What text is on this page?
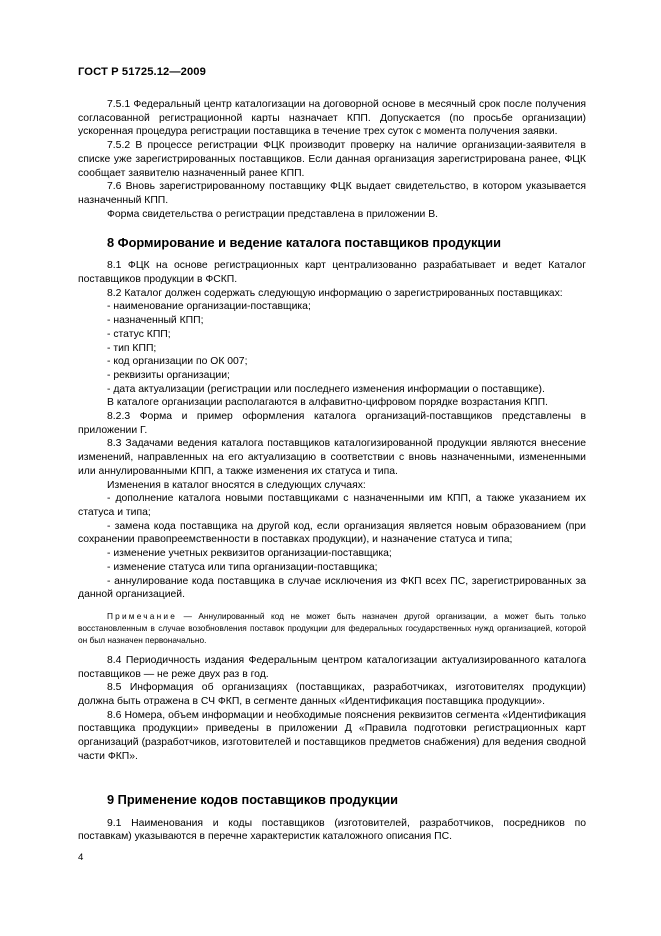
ГОСТ Р 51725.12—2009

7.5.1 Федеральный центр каталогизации на договорной основе в месячный срок после получения согласованной регистрационной карты назначает КПП. Допускается (по просьбе организации) ускоренная процедура регистрации поставщика в течение трех суток с момента получения заявки.

7.5.2 В процессе регистрации ФЦК производит проверку на наличие организации-заявителя в списке уже зарегистрированных поставщиков. Если данная организация зарегистрирована ранее, ФЦК сообщает заявителю назначенный ранее КПП.

7.6 Вновь зарегистрированному поставщику ФЦК выдает свидетельство, в котором указывается назначенный КПП.

Форма свидетельства о регистрации представлена в приложении В.

8 Формирование и ведение каталога поставщиков продукции

8.1 ФЦК на основе регистрационных карт централизованно разрабатывает и ведет Каталог поставщиков продукции в ФСКП.

8.2 Каталог должен содержать следующую информацию о зарегистрированных поставщиках:

- наименование организации-поставщика;

- назначенный КПП;

- статус КПП;

- тип КПП;

- код организации по ОК 007;

- реквизиты организации;

- дата актуализации (регистрации или последнего изменения информации о поставщике).

В каталоге организации располагаются в алфавитно-цифровом порядке возрастания КПП.

8.2.3 Форма и пример оформления каталога организаций-поставщиков представлены в приложении Г.

8.3 Задачами ведения каталога поставщиков каталогизированной продукции являются внесение изменений, направленных на его актуализацию в соответствии с вновь назначенными, измененными или аннулированными КПП, а также изменения их статуса и типа.

Изменения в каталог вносятся в следующих случаях:

- дополнение каталога новыми поставщиками с назначенными им КПП, а также указанием их статуса и типа;

- замена кода поставщика на другой код, если организация является новым образованием (при сохранении правопреемственности в поставках продукции), и назначение статуса и типа;

- изменение учетных реквизитов организации-поставщика;

- изменение статуса или типа организации-поставщика;

- аннулирование кода поставщика в случае исключения из ФКП всех ПС, зарегистрированных за данной организацией.

Примечание — Аннулированный код не может быть назначен другой организации, а может быть только восстановленным в случае возобновления поставок продукции для федеральных государственных нужд организацией, которой он был назначен первоначально.

8.4 Периодичность издания Федеральным центром каталогизации актуализированного каталога поставщиков — не реже двух раз в год.

8.5 Информация об организациях (поставщиках, разработчиках, изготовителях продукции) должна быть отражена в СЧ ФКП, в сегменте данных «Идентификация поставщика продукции».

8.6 Номера, объем информации и необходимые пояснения реквизитов сегмента «Идентификация поставщика продукции» приведены в приложении Д «Правила подготовки регистрационных карт организаций (разработчиков, изготовителей и поставщиков предметов снабжения) для ведения сводной части ФКП».

9 Применение кодов поставщиков продукции

9.1 Наименования и коды поставщиков (изготовителей, разработчиков, посредников по поставкам) указываются в перечне характеристик каталожного описания ПС.

4
